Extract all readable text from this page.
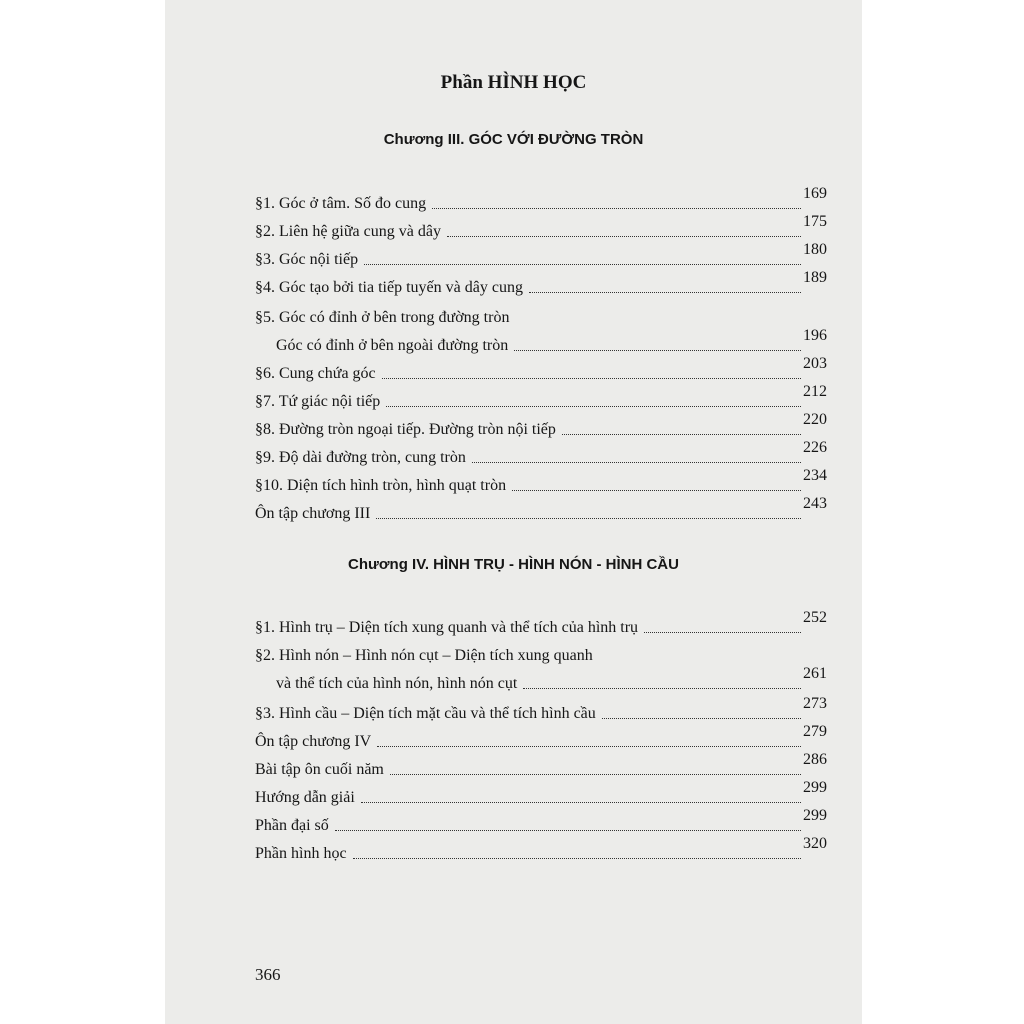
Phần HÌNH HỌC
Chương III. GÓC VỚI ĐƯỜNG TRÒN
§1. Góc ở tâm. Số đo cung
169
§2. Liên hệ giữa cung và dây
175
§3. Góc nội tiếp
180
§4. Góc tạo bởi tia tiếp tuyến và dây cung
189
§5. Góc có đỉnh ở bên trong đường tròn
Góc có đỉnh ở bên ngoài đường tròn
196
§6. Cung chứa góc
203
§7. Tứ giác nội tiếp
212
§8. Đường tròn ngoại tiếp. Đường tròn nội tiếp
220
§9. Độ dài đường tròn, cung tròn
226
§10. Diện tích hình tròn, hình quạt tròn
234
Ôn tập chương III
243
Chương IV. HÌNH TRỤ - HÌNH NÓN - HÌNH CẦU
§1. Hình trụ – Diện tích xung quanh và thể tích của hình trụ
252
§2. Hình nón – Hình nón cụt – Diện tích xung quanh
và thể tích của hình nón, hình nón cụt
261
§3. Hình cầu – Diện tích mặt cầu và thể tích hình cầu
273
Ôn tập chương IV
279
Bài tập ôn cuối năm
286
Hướng dẫn giải
299
Phần đại số
299
Phần hình học
320
366
